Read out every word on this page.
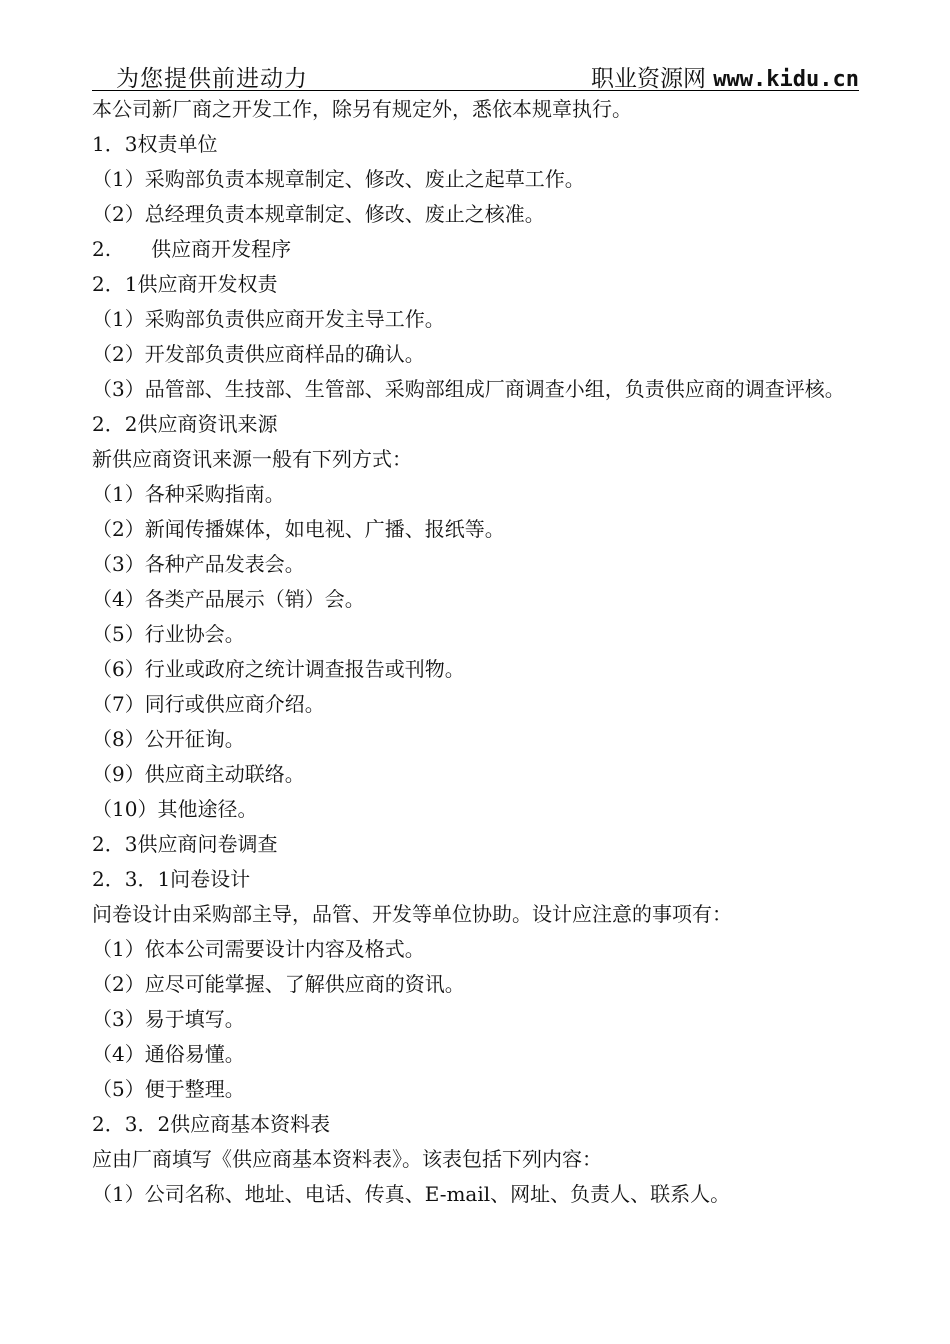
为您提供前进动力	职业资源网 www.kidu.cn
本公司新厂商之开发工作，除另有规定外，悉依本规章执行。
1．3权责单位
（1）采购部负责本规章制定、修改、废止之起草工作。
（2）总经理负责本规章制定、修改、废止之核准。
2.　　供应商开发程序
2．1供应商开发权责
（1）采购部负责供应商开发主导工作。
（2）开发部负责供应商样品的确认。
（3）品管部、生技部、生管部、采购部组成厂商调查小组，负责供应商的调查评核。
2．2供应商资讯来源
新供应商资讯来源一般有下列方式：
（1）各种采购指南。
（2）新闻传播媒体，如电视、广播、报纸等。
（3）各种产品发表会。
（4）各类产品展示（销）会。
（5）行业协会。
（6）行业或政府之统计调查报告或刊物。
（7）同行或供应商介绍。
（8）公开征询。
（9）供应商主动联络。
（10）其他途径。
2．3供应商问卷调查
2．3．1问卷设计
问卷设计由采购部主导，品管、开发等单位协助。设计应注意的事项有：
（1）依本公司需要设计内容及格式。
（2）应尽可能掌握、了解供应商的资讯。
（3）易于填写。
（4）通俗易懂。
（5）便于整理。
2．3．2供应商基本资料表
应由厂商填写《供应商基本资料表》。该表包括下列内容：
（1）公司名称、地址、电话、传真、E-mail、网址、负责人、联系人。
